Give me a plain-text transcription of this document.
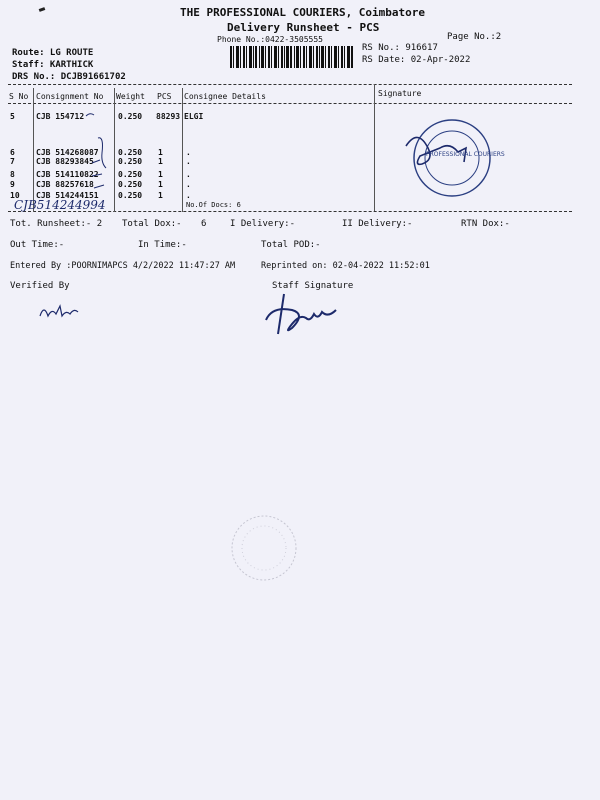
THE PROFESSIONAL COURIERS, Coimbatore
Delivery Runsheet - PCS
Phone No.:0422-3505555	Page No.:2
Route: LG ROUTE
Staff: KARTHICK
DRS No.: DCJB91661702
RS No.: 916617
RS Date: 02-Apr-2022
S No Consignment No Weight PCS Consignee Details	Signature
5	CJB 154712	0.250 88293 ELGI
6	CJB 514268087 0.250 1	.
7	CJB 88293845	0.250 1	.
8	CJB 514110822 0.250 1	.
9	CJB 88257618	0.250 1	.
10 CJB 514244151 0.250 1	.
No.Of Docs: 6
CJB514244994
PROFESSIONAL COURIERS
Tot. Runsheet:- 2 Total Dox:- 6	I Delivery:-	II Delivery:-	RTN Dox:-
Out Time:-	In Time:-	Total POD:-
Entered By :POORNIMAPCS 4/2/2022 11:47:27 AM	Reprinted on: 02-04-2022 11:52:01
Verified By	Staff Signature
